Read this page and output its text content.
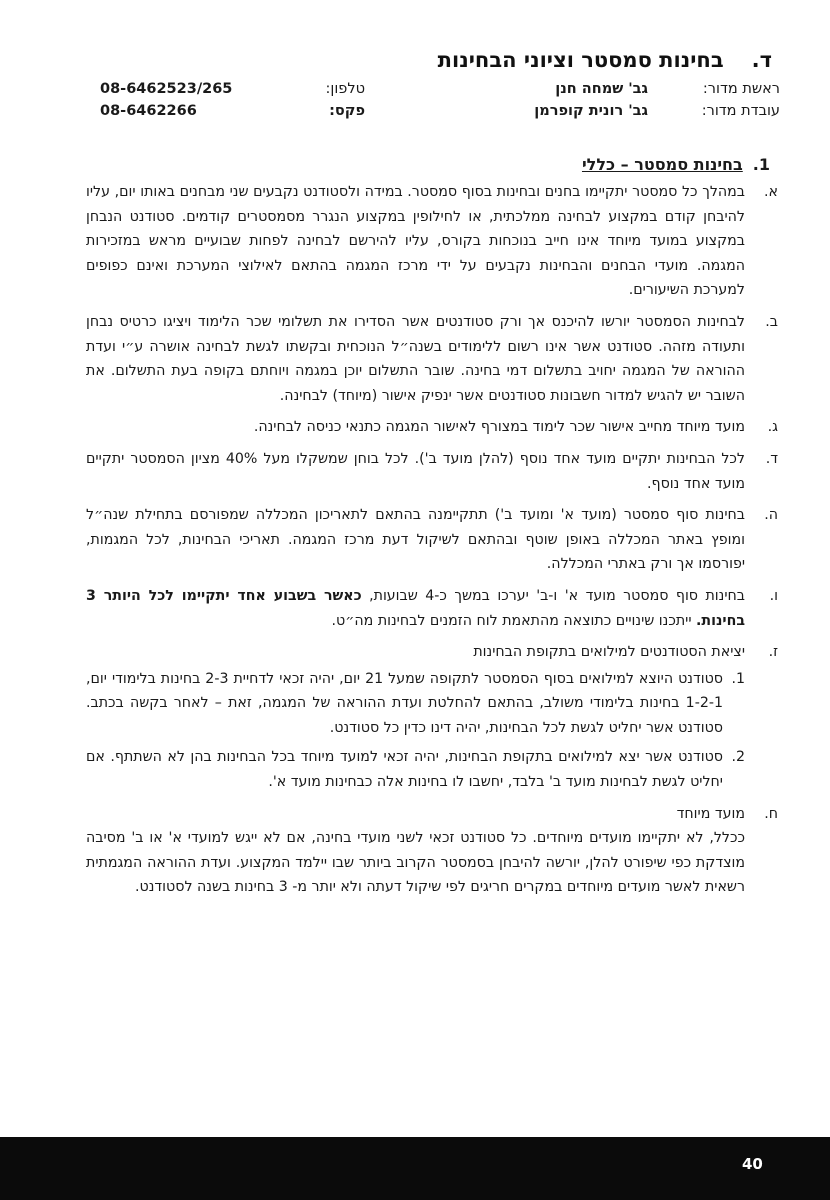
ד.בחינות סמסטר וציוני הבחינות
ראשת מדור:
גב' שמחה חנן
טלפון:
08-6462523/265
עובדת מדור:
גב' רונית קופרמן
פקס:
08-6462266
1.בחינות סמסטר – כללי
א.
במהלך כל סמסטר יתקיימו בחנים ובחינות בסוף סמסטר. במידה ולסטודנט נקבעים שני מבחנים באותו יום, עליו להיבחן קודם במקצוע לבחינה ממלכתית, או לחילופין במקצוע הנגרר מסמסטרים קודמים. סטודנט הנבחן במקצוע במועד מיוחד אינו חייב בנוכחות בקורס, עליו להירשם לבחינה לפחות שבועיים מראש במזכירות המגמה. מועדי הבחנים והבחינות נקבעים על ידי מרכז המגמה בהתאם לאילוצי המערכת ואינם כפופים למערכת השיעורים.
ב.
לבחינות הסמסטר יורשו להיכנס אך ורק סטודנטים אשר הסדירו את תשלומי שכר הלימוד ויציגו כרטיס נבחן ותעודה מזהה. סטודנט אשר אינו רשום ללימודים בשנה״ל הנוכחית ובקשתו לגשת לבחינה אושרה ע״י ועדת ההוראה של המגמה יחויב בתשלום דמי בחינה. שובר התשלום יוכן במגמה ויוחתם בקופה בעת התשלום. את השובר יש להגיש למדור חשבונות סטודנטים אשר ינפיק אישור (מיוחד) לבחינה.
ג.
מועד מיוחד מחייב אישור שכר לימוד במצורף לאישור המגמה כתנאי כניסה לבחינה.
ד.
לכל הבחינות יתקיים מועד אחד נוסף (להלן מועד ב'). לכל בוחן שמשקלו מעל 40% מציון הסמסטר יתקיים מועד אחד נוסף.
ה.
בחינות סוף סמסטר (מועד א' ומועד ב') תתקיימנה בהתאם לתאריכון המכללה שמפורסם בתחילת שנה״ל ומופץ באתר המכללה באופן שוטף ובהתאם לשיקול דעת מרכז המגמה. תאריכי הבחינות, לכל המגמות, יפורסמו אך ורק באתרי המכללה.
ו.
בחינות סוף סמסטר מועד א' ו-ב' יערכו במשך כ-4 שבועות, כאשר בשבוע אחד יתקיימו לכל היותר 3 בחינות. ייתכנו שינויים כתוצאה מהתאמת לוח הזמנים לבחינות מה״ט.
ז.
יציאת הסטודנטים למילואים בתקופת הבחינות
1.
סטודנט היוצא למילואים בסוף הסמסטר לתקופה שמעל 21 יום, יהיה זכאי לדחיית 2-3 בחינות בלימודי יום, 1-2-1 בחינות בלימודי משולב, בהתאם להחלטת ועדת ההוראה של המגמה, זאת – לאחר בקשה בכתב. סטודנט אשר יחליט לגשת לכל הבחינות, יהיה דינו כדין כל סטודנט.
2.
סטודנט אשר יצא למילואים בתקופת הבחינות, יהיה זכאי למועד מיוחד בכל הבחינות בהן לא השתתף. אם יחליט לגשת לבחינות מועד ב' בלבד, יחשבו לו בחינות אלה כבחינות מועד א'.
ח.
מועד מיוחד
ככלל, לא יתקיימו מועדים מיוחדים. כל סטודנט זכאי לשני מועדי בחינה, אם לא ייגש למועדי א' או ב' מסיבה מוצדקת כפי שיפורט להלן, יורשה להיבחן בסמסטר הקרוב ביותר שבו יילמד המקצוע. ועדת ההוראה המגמתית רשאית לאשר מועדים מיוחדים במקרים חריגים לפי שיקול דעתה ולא יותר מ- 3 בחינות בשנה לסטודנט.
40
